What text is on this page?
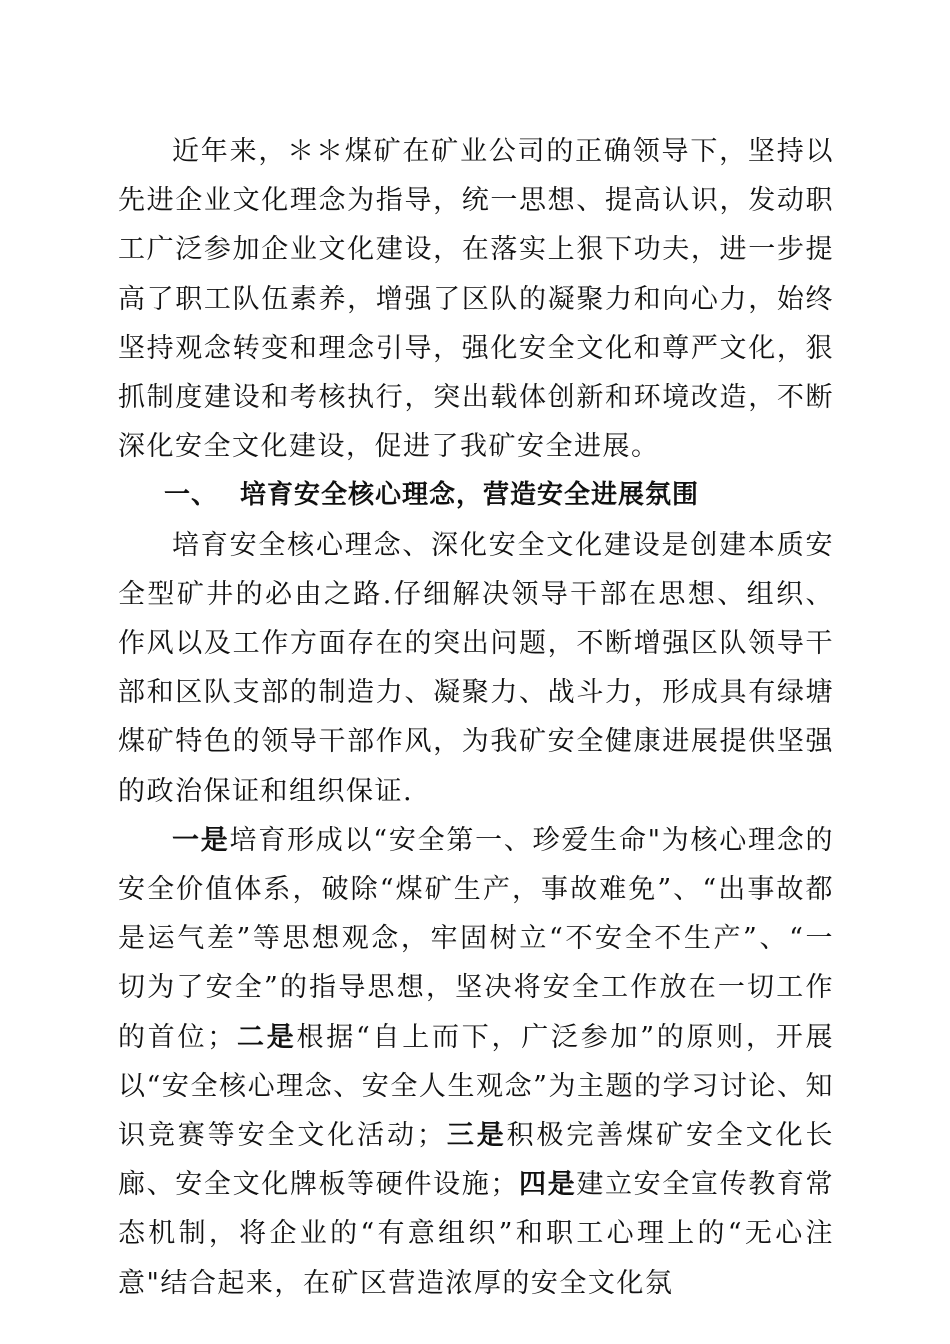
近年来，＊＊煤矿在矿业公司的正确领导下，坚持以先进企业文化理念为指导，统一思想、提高认识，发动职工广泛参加企业文化建设，在落实上狠下功夫，进一步提高了职工队伍素养，增强了区队的凝聚力和向心力，始终坚持观念转变和理念引导，强化安全文化和尊严文化，狠抓制度建设和考核执行，突出载体创新和环境改造，不断深化安全文化建设，促进了我矿安全进展。

一、 培育安全核心理念，营造安全进展氛围

培育安全核心理念、深化安全文化建设是创建本质安全型矿井的必由之路.仔细解决领导干部在思想、组织、作风以及工作方面存在的突出问题，不断增强区队领导干部和区队支部的制造力、凝聚力、战斗力，形成具有绿塘煤矿特色的领导干部作风，为我矿安全健康进展提供坚强的政治保证和组织保证.

一是培育形成以“安全第一、珍爱生命"为核心理念的安全价值体系，破除“煤矿生产，事故难免”、“出事故都是运气差”等思想观念，牢固树立“不安全不生产”、“一切为了安全”的指导思想，坚决将安全工作放在一切工作的首位；二是根据“自上而下，广泛参加”的原则，开展以“安全核心理念、安全人生观念”为主题的学习讨论、知识竞赛等安全文化活动；三是积极完善煤矿安全文化长廊、安全文化牌板等硬件设施；四是建立安全宣传教育常态机制，将企业的“有意组织”和职工心理上的“无心注意"结合起来，在矿区营造浓厚的安全文化氛
